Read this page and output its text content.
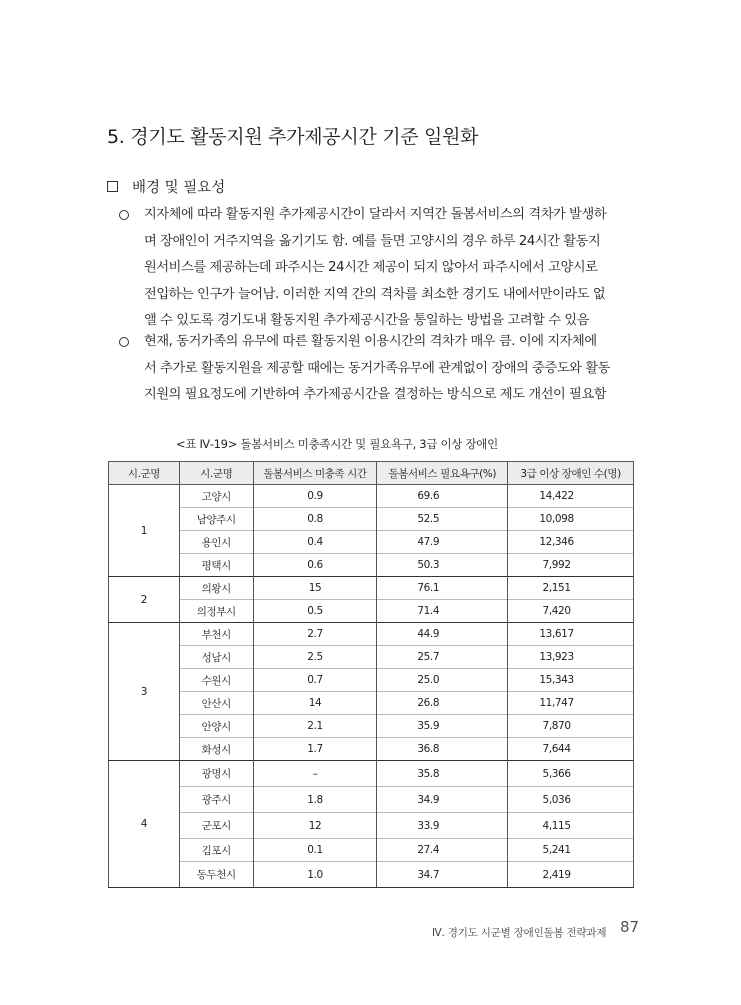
5. 경기도 활동지원 추가제공시간 기준 일원화
배경 및 필요성
지자체에 따라 활동지원 추가제공시간이 달라서 지역간 돌봄서비스의 격차가 발생하
며 장애인이 거주지역을 옮기기도 함. 예를 들면 고양시의 경우 하루 24시간 활동지
원서비스를 제공하는데 파주시는 24시간 제공이 되지 않아서 파주시에서 고양시로
전입하는 인구가 늘어남. 이러한 지역 간의 격차를 최소한 경기도 내에서만이라도 없
앨 수 있도록 경기도내 활동지원 추가제공시간을 통일하는 방법을 고려할 수 있음
현재, 동거가족의 유무에 따른 활동지원 이용시간의 격차가 매우 큼. 이에 지자체에
서 추가로 활동지원을 제공할 때에는 동거가족유무에 관계없이 장애의 중증도와 활동
지원의 필요정도에 기반하여 추가제공시간을 결정하는 방식으로 제도 개선이 필요함
<표 Ⅳ-19> 돌봄서비스 미충족시간 및 필요욕구, 3급 이상 장애인
시.군명	시.군명	돌봄서비스 미충족 시간	돌봄서비스 필요욕구(%)	3급 이상 장애인 수(명)
1	고양시	0.9	69.6	14,422
	남양주시	0.8	52.5	10,098
	용인시	0.4	47.9	12,346
	평택시	0.6	50.3	7,992
2	의왕시	15	76.1	2,151
	의정부시	0.5	71.4	7,420
3	부천시	2.7	44.9	13,617
	성남시	2.5	25.7	13,923
	수원시	0.7	25.0	15,343
	안산시	14	26.8	11,747
	안양시	2.1	35.9	7,870
	화성시	1.7	36.8	7,644
4	광명시	–	35.8	5,366
	광주시	1.8	34.9	5,036
	군포시	12	33.9	4,115
	김포시	0.1	27.4	5,241
	동두천시	1.0	34.7	2,419
Ⅳ. 경기도 시군별 장애인돌봄 전략과제 87
